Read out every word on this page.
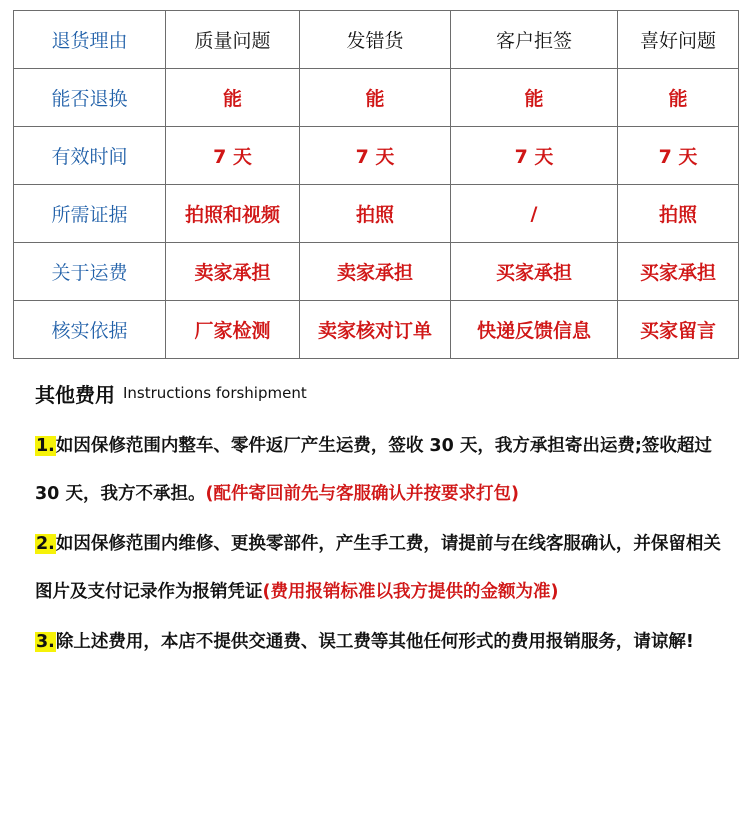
退货理由	质量问题	发错货	客户拒签	喜好问题
能否退换	能	能	能	能
有效时间	7 天	7 天	7 天	7 天
所需证据	拍照和视频	拍照	/	拍照
关于运费	卖家承担	卖家承担	买家承担	买家承担
核实依据	厂家检测	卖家核对订单	快递反馈信息	买家留言
其他费用 Instructions forshipment

1.如因保修范围内整车、零件返厂产生运费，签收 30 天，我方承担寄出运费;签收超过 30 天，我方不承担。(配件寄回前先与客服确认并按要求打包)

2.如因保修范围内维修、更换零部件，产生手工费，请提前与在线客服确认，并保留相关图片及支付记录作为报销凭证(费用报销标准以我方提供的金额为准)

3.除上述费用，本店不提供交通费、误工费等其他任何形式的费用报销服务，请谅解!
